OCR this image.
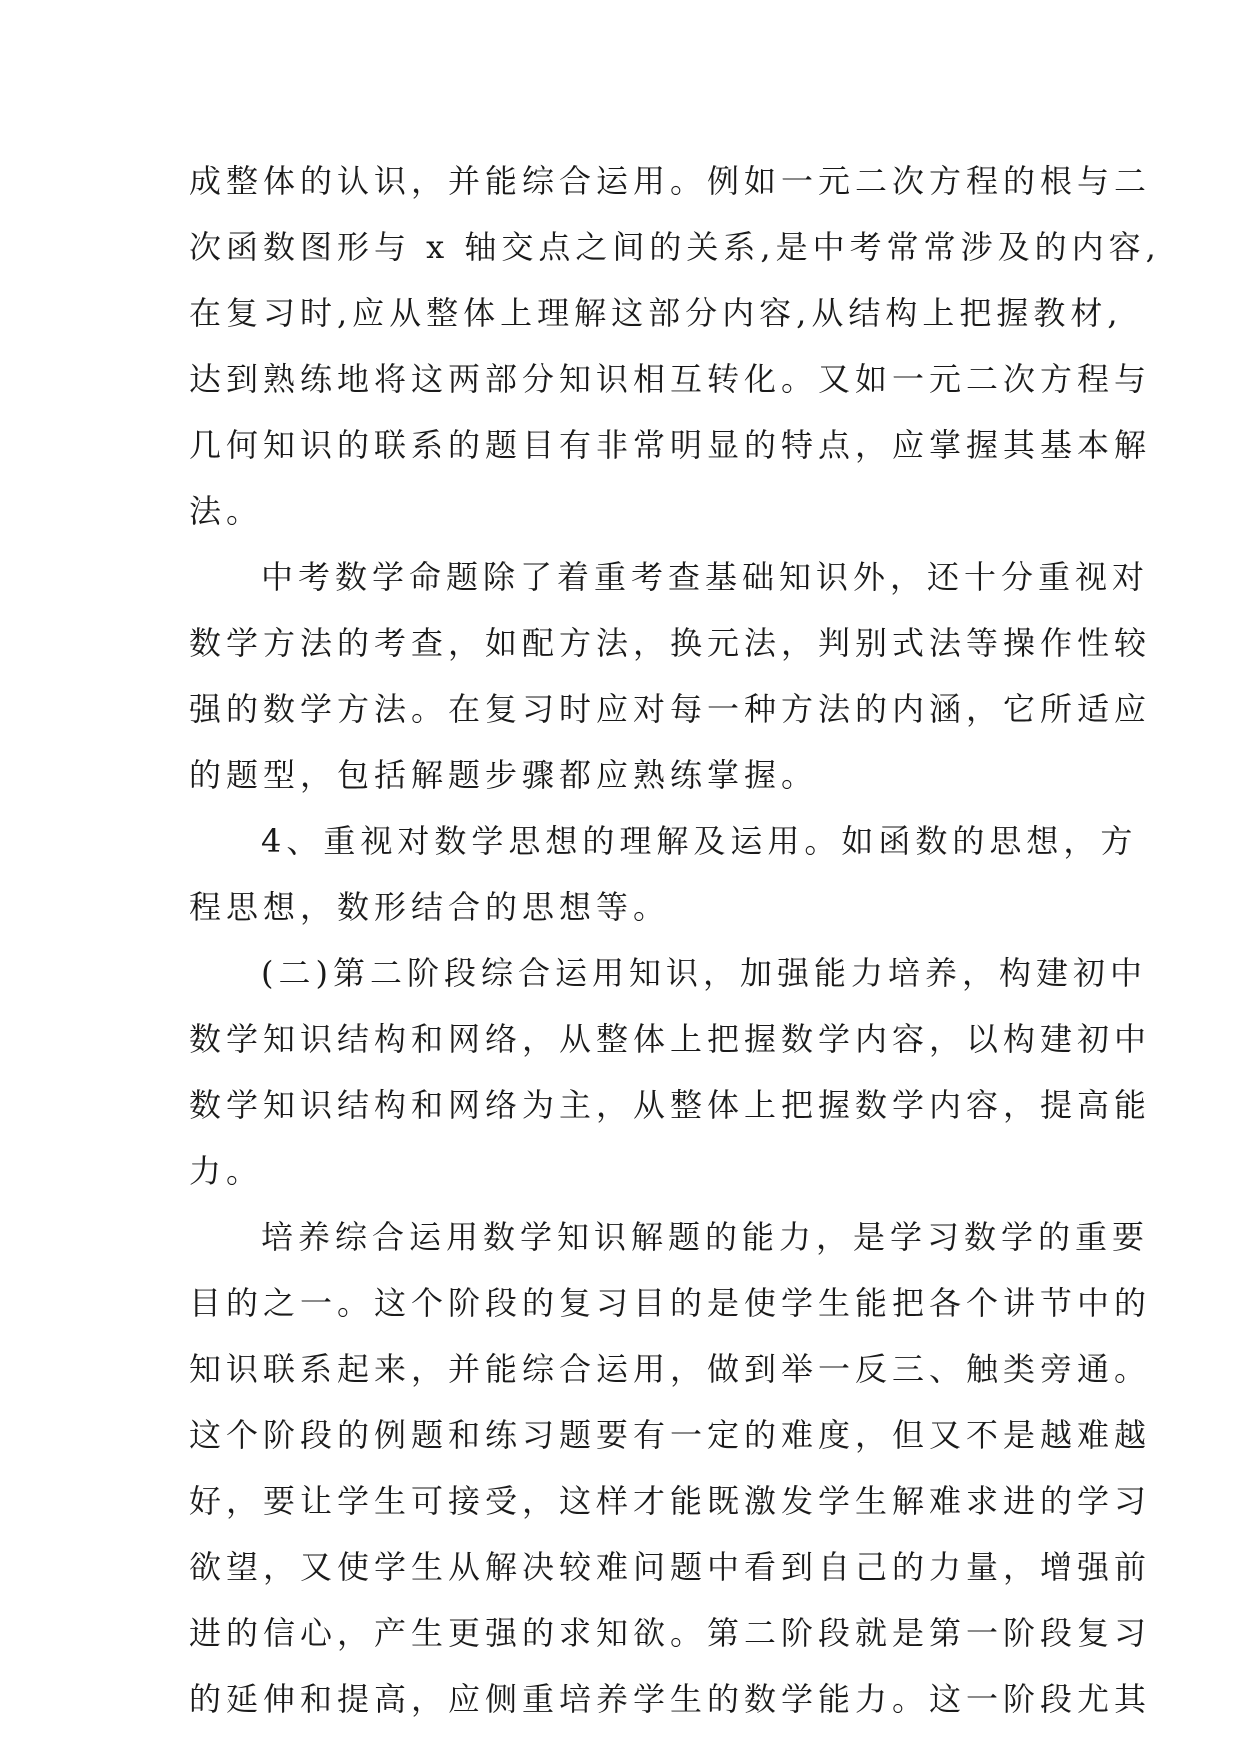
成整体的认识，并能综合运用。例如一元二次方程的根与二
次函数图形与 x 轴交点之间的关系,是中考常常涉及的内容,
在复习时,应从整体上理解这部分内容,从结构上把握教材,
达到熟练地将这两部分知识相互转化。又如一元二次方程与
几何知识的联系的题目有非常明显的特点，应掌握其基本解
法。
中考数学命题除了着重考查基础知识外，还十分重视对
数学方法的考查，如配方法，换元法，判别式法等操作性较
强的数学方法。在复习时应对每一种方法的内涵，它所适应
的题型，包括解题步骤都应熟练掌握。
4、重视对数学思想的理解及运用。如函数的思想，方
程思想，数形结合的思想等。
(二)第二阶段综合运用知识，加强能力培养，构建初中
数学知识结构和网络，从整体上把握数学内容，以构建初中
数学知识结构和网络为主，从整体上把握数学内容，提高能
力。
培养综合运用数学知识解题的能力，是学习数学的重要
目的之一。这个阶段的复习目的是使学生能把各个讲节中的
知识联系起来，并能综合运用，做到举一反三、触类旁通。
这个阶段的例题和练习题要有一定的难度，但又不是越难越
好，要让学生可接受，这样才能既激发学生解难求进的学习
欲望，又使学生从解决较难问题中看到自己的力量，增强前
进的信心，产生更强的求知欲。第二阶段就是第一阶段复习
的延伸和提高，应侧重培养学生的数学能力。这一阶段尤其
